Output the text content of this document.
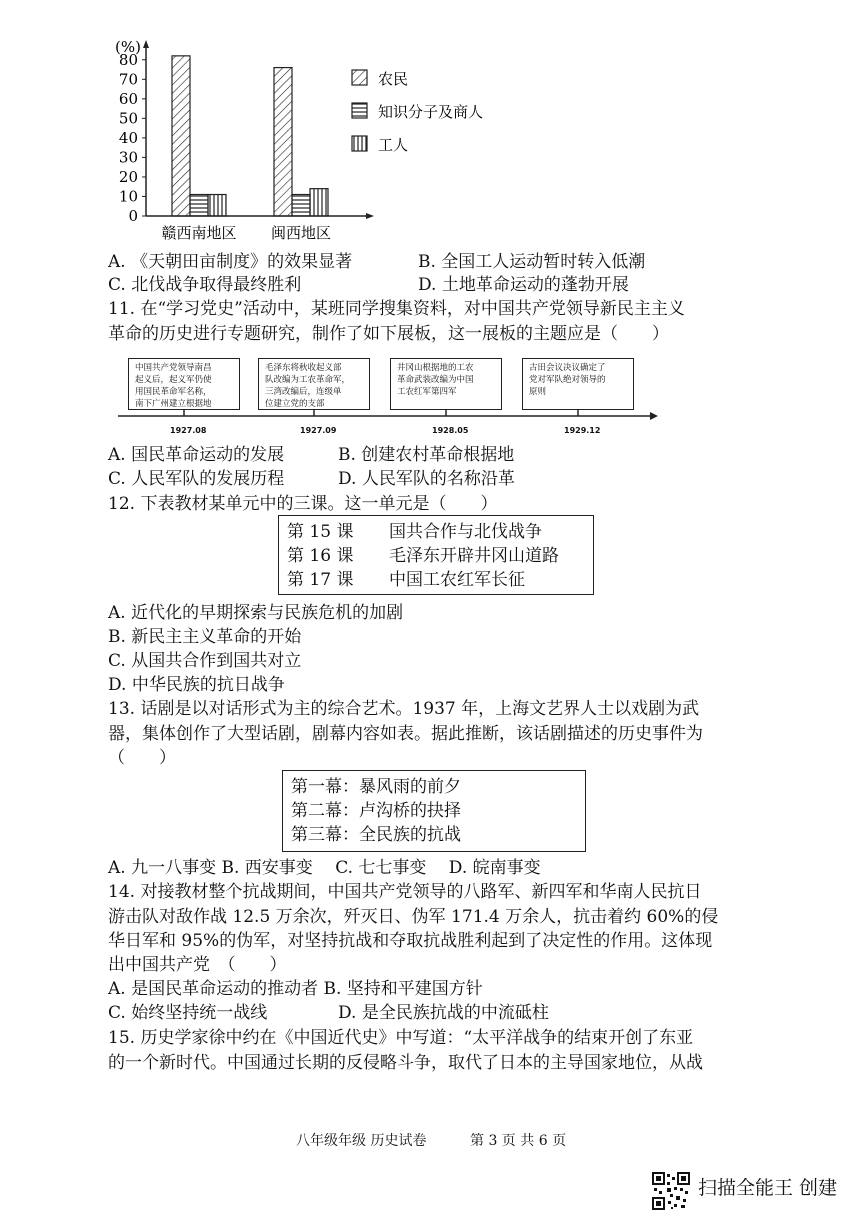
(%)
0
10
20
30
40
50
60
70
80
赣西南地区 闽西地区
农民
知识分子及商人
工人
A. 《天朝田亩制度》的效果显著	B. 全国工人运动暂时转入低潮
C. 北伐战争取得最终胜利	D. 土地革命运动的蓬勃开展
11. 在“学习党史”活动中，某班同学搜集资料，对中国共产党领导新民主主义
革命的历史进行专题研究，制作了如下展板，这一展板的主题应是（　　）
中国共产党领导南昌
起义后，起义军仍使
用国民革命军名称，
南下广州建立根据地
毛泽东将秋收起义部
队改编为工农革命军，
三湾改编后，连级单
位建立党的支部
井冈山根据地的工农
革命武装改编为中国
工农红军第四军
古田会议决议确定了
党对军队绝对领导的
原则
1927.08	1927.09	1928.05	1929.12
A. 国民革命运动的发展	B. 创建农村革命根据地
C. 人民军队的发展历程	D. 人民军队的名称沿革
12. 下表教材某单元中的三课。这一单元是（　　）
第 15 课 国共合作与北伐战争
第 16 课 毛泽东开辟井冈山道路
第 17 课 中国工农红军长征
A. 近代化的早期探索与民族危机的加剧
B. 新民主主义革命的开始
C. 从国共合作到国共对立
D. 中华民族的抗日战争
13. 话剧是以对话形式为主的综合艺术。1937 年，上海文艺界人士以戏剧为武
器，集体创作了大型话剧，剧幕内容如表。据此推断，该话剧描述的历史事件为
（　　）
第一幕：暴风雨的前夕
第二幕：卢沟桥的抉择
第三幕：全民族的抗战
A. 九一八事变 B. 西安事变　 C. 七七事变　 D. 皖南事变
14. 对接教材整个抗战期间，中国共产党领导的八路军、新四军和华南人民抗日
游击队对敌作战 12.5 万余次，歼灭日、伪军 171.4 万余人，抗击着约 60%的侵
华日军和 95%的伪军，对坚持抗战和夺取抗战胜利起到了决定性的作用。这体现
出中国共产党　（　　）
A. 是国民革命运动的推动者 B. 坚持和平建国方针
C. 始终坚持统一战线	D. 是全民族抗战的中流砥柱
15. 历史学家徐中约在《中国近代史》中写道：“太平洋战争的结束开创了东亚
的一个新时代。中国通过长期的反侵略斗争，取代了日本的主导国家地位，从战
八年级年级 历史试卷	第 3 页 共 6 页
扫描全能王 创建
